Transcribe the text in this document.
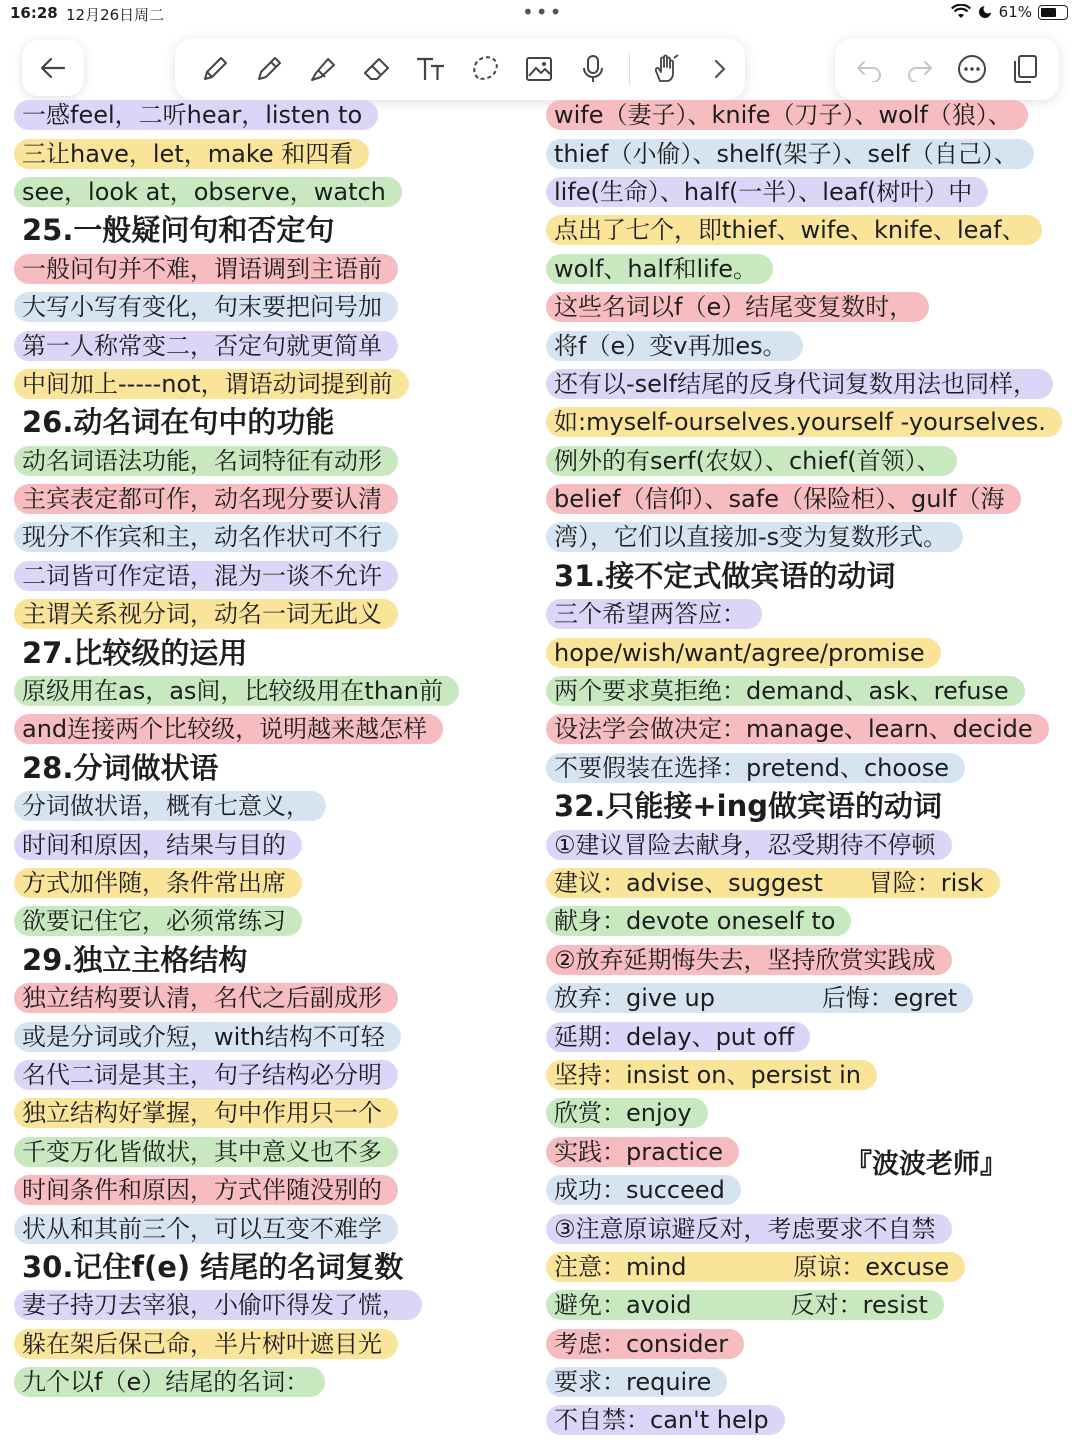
16:28 12月26日周二	•••	61%
一感feel，二听hear，listen to
三让have，let，make 和四看
see，look at，observe，watch
25.一般疑问句和否定句
一般问句并不难，谓语调到主语前
大写小写有变化，句末要把问号加
第一人称常变二，否定句就更简单
中间加上-----not，谓语动词提到前
26.动名词在句中的功能
动名词语法功能，名词特征有动形
主宾表定都可作，动名现分要认清
现分不作宾和主，动名作状可不行
二词皆可作定语，混为一谈不允许
主谓关系视分词，动名一词无此义
27.比较级的运用
原级用在as，as间，比较级用在than前
and连接两个比较级，说明越来越怎样
28.分词做状语
分词做状语，概有七意义，
时间和原因，结果与目的
方式加伴随，条件常出席
欲要记住它，必须常练习
29.独立主格结构
独立结构要认清，名代之后副成形
或是分词或介短，with结构不可轻
名代二词是其主，句子结构必分明
独立结构好掌握，句中作用只一个
千变万化皆做状，其中意义也不多
时间条件和原因，方式伴随没别的
状从和其前三个，可以互变不难学
30.记住f(e) 结尾的名词复数
妻子持刀去宰狼，小偷吓得发了慌，
躲在架后保己命，半片树叶遮目光
九个以f（e）结尾的名词：
wife（妻子）、knife（刀子）、wolf（狼）、
thief（小偷）、shelf(架子）、self（自己）、
life(生命）、half(一半）、leaf(树叶）中
点出了七个，即thief、wife、knife、leaf、
wolf、half和life。
这些名词以f（e）结尾变复数时，
将f（e）变v再加es。
还有以-self结尾的反身代词复数用法也同样，
如:myself-ourselves.yourself -yourselves.
例外的有serf(农奴）、chief(首领）、
belief（信仰）、safe（保险柜）、gulf（海
湾），它们以直接加-s变为复数形式。
31.接不定式做宾语的动词
三个希望两答应：
hope/wish/want/agree/promise
两个要求莫拒绝：demand、ask、refuse
设法学会做决定：manage、learn、decide
不要假装在选择：pretend、choose
32.只能接+ing做宾语的动词
①建议冒险去献身，忍受期待不停顿
建议：advise、suggest      冒险：risk
献身：devote oneself to
②放弃延期悔失去，坚持欣赏实践成
放弃：give up              后悔：egret
延期：delay、put off
坚持：insist on、persist in
欣赏：enjoy
实践：practice
成功：succeed
③注意原谅避反对，考虑要求不自禁
注意：mind              原谅：excuse
避免：avoid             反对：resist
考虑：consider
要求：require
不自禁：can't help
『波波老师』
